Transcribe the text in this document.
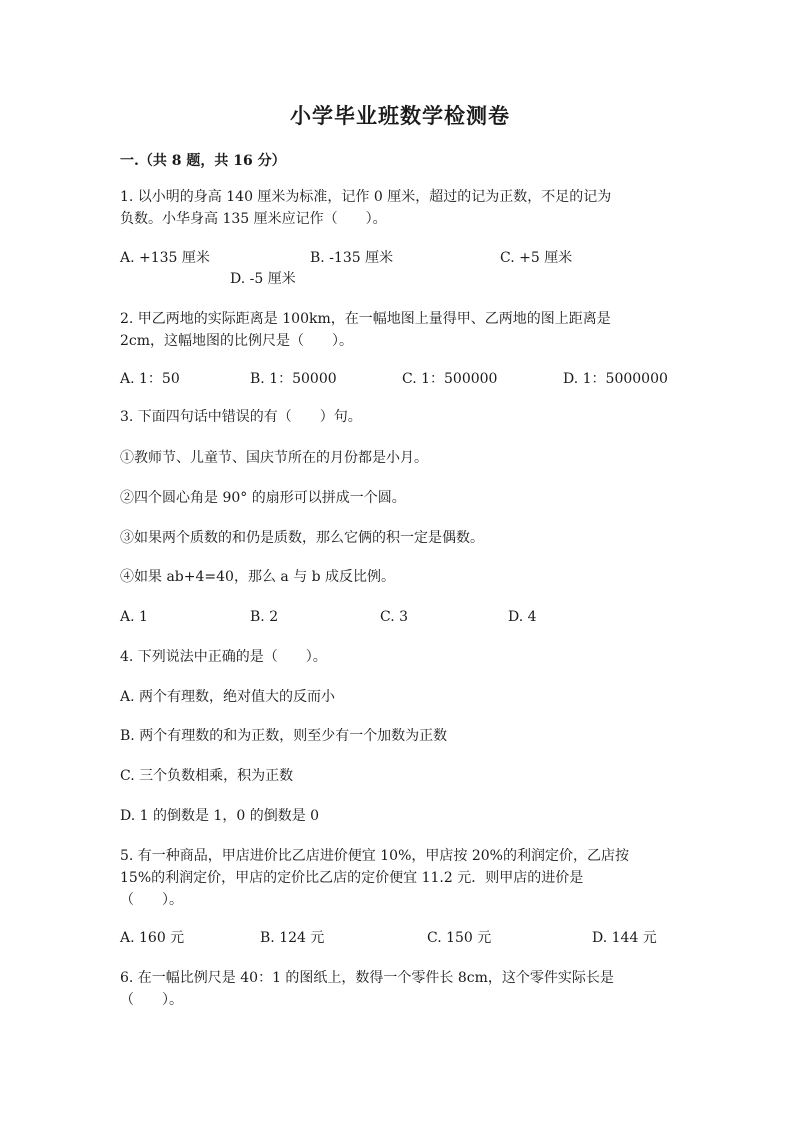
小学毕业班数学检测卷
一.（共 8 题，共 16 分）
1. 以小明的身高 140 厘米为标准，记作 0 厘米，超过的记为正数，不足的记为
负数。小华身高 135 厘米应记作（　　）。
A. +135 厘米	B. -135 厘米	C. +5 厘米
D. -5 厘米
2. 甲乙两地的实际距离是 100km，在一幅地图上量得甲、乙两地的图上距离是
2cm，这幅地图的比例尺是（　　）。
A. 1：50	B. 1：50000	C. 1：500000	D. 1：5000000
3. 下面四句话中错误的有（　　）句。
①教师节、儿童节、国庆节所在的月份都是小月。
②四个圆心角是 90° 的扇形可以拼成一个圆。
③如果两个质数的和仍是质数，那么它俩的积一定是偶数。
④如果 ab+4=40，那么 a 与 b 成反比例。
A. 1	B. 2	C. 3	D. 4
4. 下列说法中正确的是（　　）。
A. 两个有理数，绝对值大的反而小
B. 两个有理数的和为正数，则至少有一个加数为正数
C. 三个负数相乘，积为正数
D. 1 的倒数是 1，0 的倒数是 0
5. 有一种商品，甲店进价比乙店进价便宜 10%，甲店按 20%的利润定价，乙店按
15%的利润定价，甲店的定价比乙店的定价便宜 11.2 元．则甲店的进价是
（　　）。
A. 160 元	B. 124 元	C. 150 元	D. 144 元
6. 在一幅比例尺是 40：1 的图纸上，数得一个零件长 8cm，这个零件实际长是
（　　）。
